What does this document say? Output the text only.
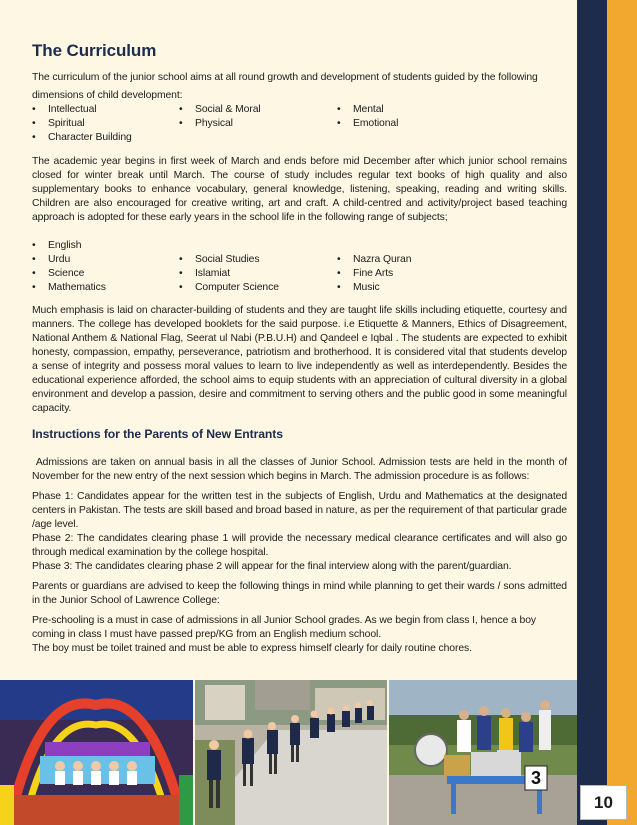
The Curriculum

The curriculum of the junior school aims at all round growth and development of students guided by the following

dimensions of child development:

•	Intellectual
•	Spiritual
•	Character Building
•	Social & Moral
•	Physical
•	Mental
•	Emotional

The academic year begins in first week of March and ends before mid December after which junior school remains closed for winter break until March. The course of study includes regular text books of high quality and also supplementary books to enhance vocabulary, general knowledge, listening, speaking, reading and writing skills. Children are also encouraged for creative writing, art and craft. A child-centred and activity/project based teaching approach is adopted for these early years in the school life in the following range of subjects;

•	English
•	Urdu
•	Science
•	Mathematics
•	Social Studies
•	Islamiat
•	Computer Science
•	Nazra Quran
•	Fine Arts
•	Music

Much emphasis is laid on character-building of students and they are taught life skills including etiquette, courtesy and manners. The college has developed booklets for the said purpose. i.e Etiquette & Manners, Ethics of Disagreement, National Anthem & National Flag, Seerat ul Nabi (P.B.U.H) and Qandeel e Iqbal . The students are expected to exhibit honesty, compassion, empathy, perseverance, patriotism and brotherhood. It is considered vital that students develop a sense of integrity and possess moral values to learn to live independently as well as interdependently. Besides the educational experience afforded, the school aims to equip students with an appreciation of cultural diversity in a global environment and develop a passion, desire and commitment to serving others and the public good in some meaningful capacity.

Instructions for the Parents of New Entrants

Admissions are taken on annual basis in all the classes of Junior School. Admission tests are held in the month of November for the new entry of the next session which begins in March. The admission procedure is as follows:

Phase 1: Candidates appear for the written test in the subjects of English, Urdu and Mathematics at the designated centers in Pakistan. The tests are skill based and broad based in nature, as per the requirement of that particular grade /age level.

Phase 2: The candidates clearing phase 1 will provide the necessary medical clearance certificates and will also go through medical examination by the college hospital.

Phase 3: The candidates clearing phase 2 will appear for the final interview along with the parent/guardian.

Parents or guardians are advised to keep the following things in mind while planning to get their wards / sons admitted in the Junior School of Lawrence College:

Pre-schooling is a must in case of admissions in all Junior School grades. As we begin from class I, hence a boy coming in class I must have passed prep/KG from an English medium school.

The boy must be toilet trained and must be able to express himself clearly for daily routine chores.

3
10
